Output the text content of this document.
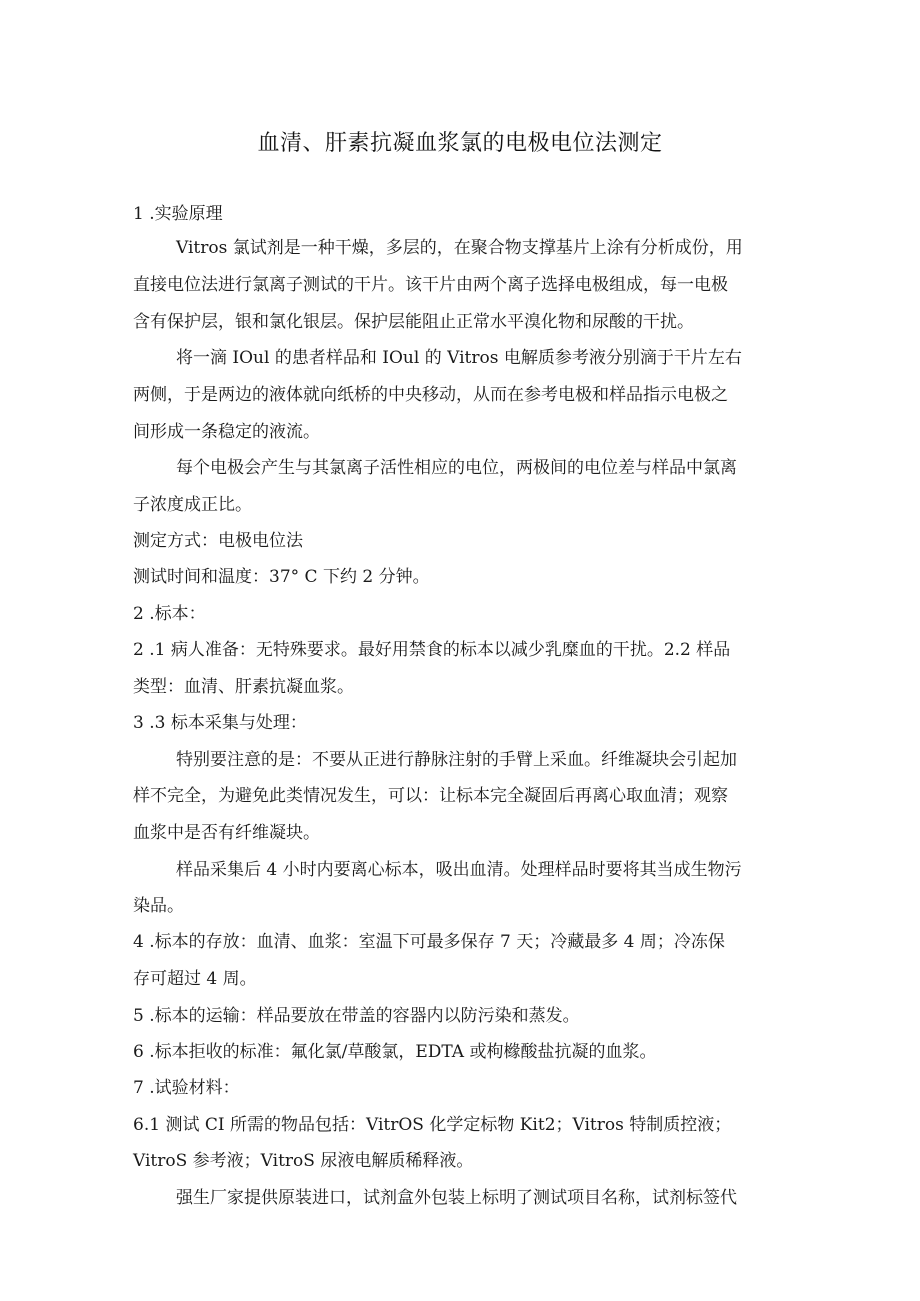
血清、肝素抗凝血浆氯的电极电位法测定
1 .实验原理
Vitros 氯试剂是一种干燥，多层的，在聚合物支撑基片上涂有分析成份，用
直接电位法进行氯离子测试的干片。该干片由两个离子选择电极组成，每一电极
含有保护层，银和氯化银层。保护层能阻止正常水平溴化物和尿酸的干扰。
将一滴 IOul 的患者样品和 IOul 的 Vitros 电解质参考液分别滴于干片左右
两侧，于是两边的液体就向纸桥的中央移动，从而在参考电极和样品指示电极之
间形成一条稳定的液流。
每个电极会产生与其氯离子活性相应的电位，两极间的电位差与样品中氯离
子浓度成正比。
测定方式：电极电位法
测试时间和温度：37° C 下约 2 分钟。
2 .标本：
2 .1 病人准备：无特殊要求。最好用禁食的标本以减少乳糜血的干扰。2.2 样品
类型：血清、肝素抗凝血浆。
3 .3 标本采集与处理：
特别要注意的是：不要从正进行静脉注射的手臂上采血。纤维凝块会引起加
样不完全，为避免此类情况发生，可以：让标本完全凝固后再离心取血清；观察
血浆中是否有纤维凝块。
样品采集后 4 小时内要离心标本，吸出血清。处理样品时要将其当成生物污
染品。
4 .标本的存放：血清、血浆：室温下可最多保存 7 天；冷藏最多 4 周；冷冻保
存可超过 4 周。
5 .标本的运输：样品要放在带盖的容器内以防污染和蒸发。
6 .标本拒收的标准：氟化氯/草酸氯，EDTA 或枸橼酸盐抗凝的血浆。
7 .试验材料：
6.1 测试 CI 所需的物品包括：VitrOS 化学定标物 Kit2；Vitros 特制质控液；
VitroS 参考液；VitroS 尿液电解质稀释液。
强生厂家提供原装进口，试剂盒外包装上标明了测试项目名称，试剂标签代
